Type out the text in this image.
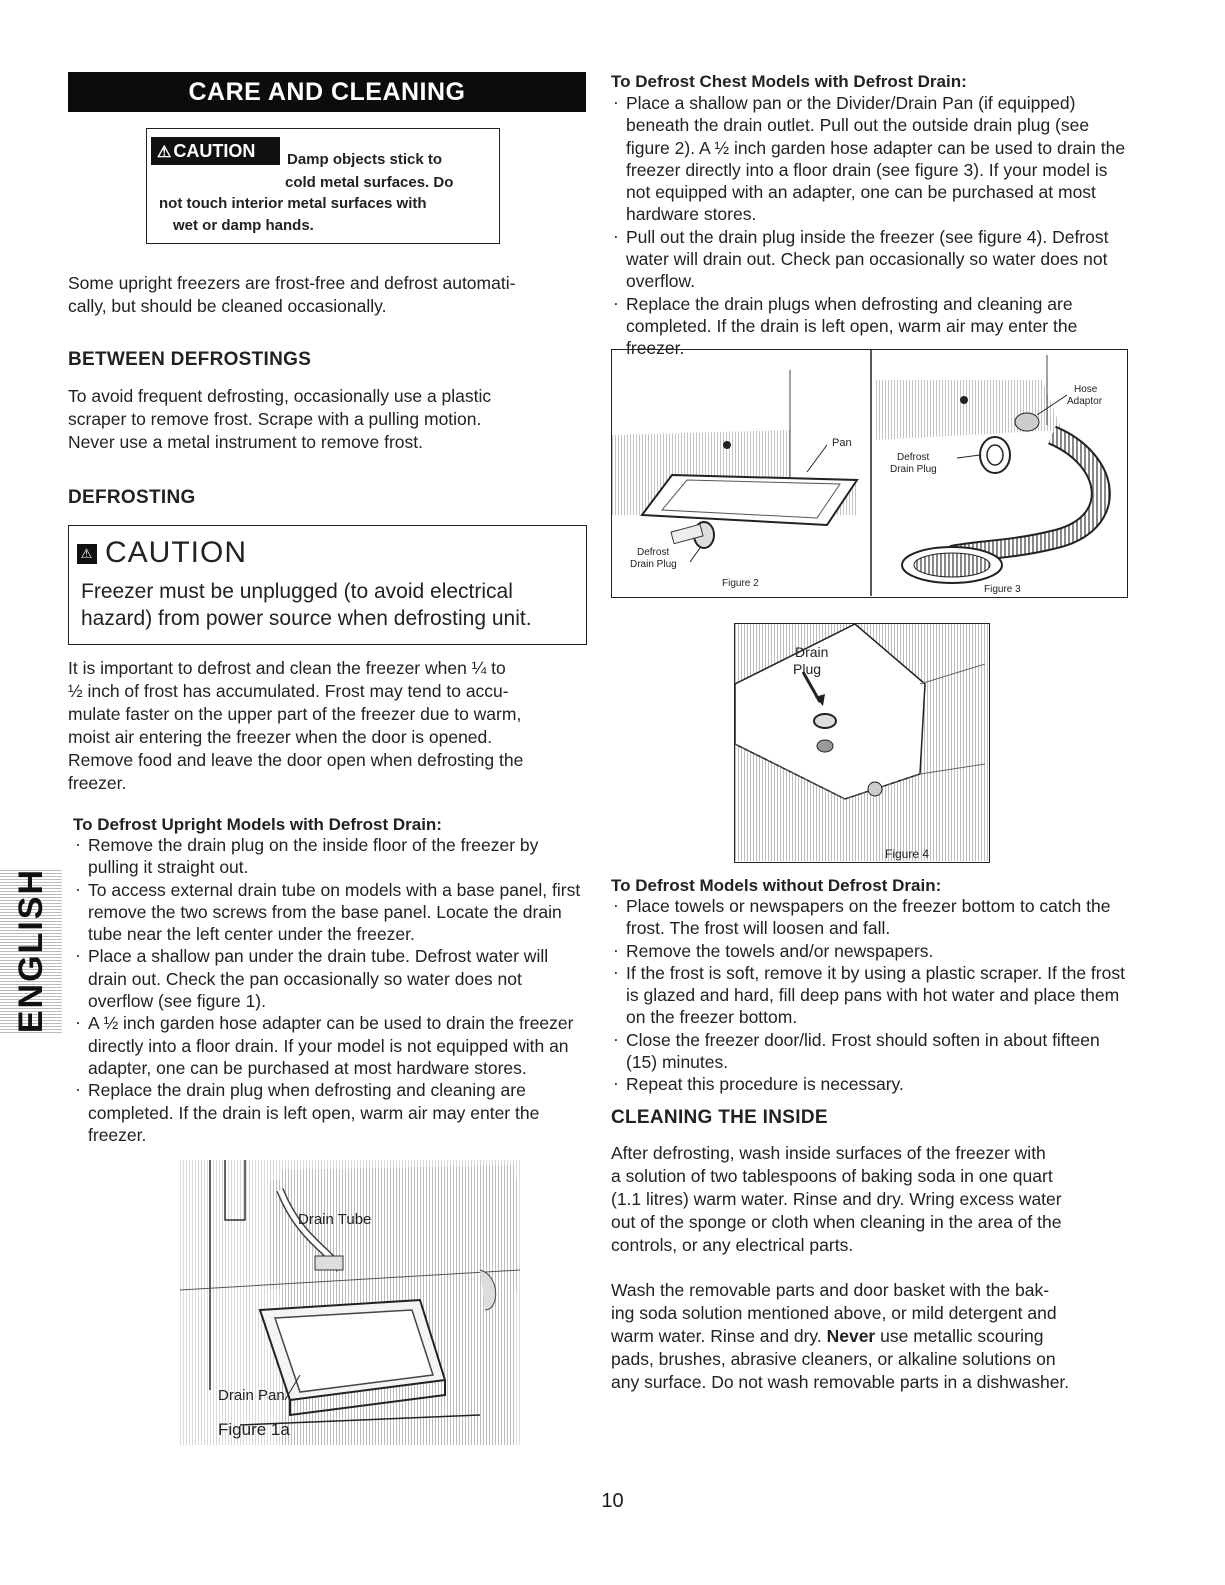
CARE AND CLEANING
⚠ CAUTION	Damp objects stick to
cold metal surfaces. Do
not touch interior metal surfaces with
wet or damp hands.
Some upright freezers are frost-free and defrost automati-
cally, but should be cleaned occasionally.
BETWEEN DEFROSTINGS
To avoid frequent defrosting, occasionally use a plastic
scraper to remove frost. Scrape with a pulling motion.
Never use a metal instrument to remove frost.
DEFROSTING
⚠ CAUTION
Freezer must be unplugged (to avoid electrical
hazard) from power source when defrosting unit.
It is important to defrost and clean the freezer when ¼ to
½ inch of frost has accumulated. Frost may tend to accu-
mulate faster on the upper part of the freezer due to warm,
moist air entering the freezer when the door is opened.
Remove food and leave the door open when defrosting the
freezer.
To Defrost Upright Models with Defrost Drain:
· Remove the drain plug on the inside floor of the freezer by pulling it straight out.
· To access external drain tube on models with a base panel, first remove the two screws from the base panel. Locate the drain tube near the left center under the freezer.
· Place a shallow pan under the drain tube. Defrost water will drain out. Check the pan occasionally so water does not overflow (see figure 1).
· A ½ inch garden hose adapter can be used to drain the freezer directly into a floor drain. If your model is not equipped with an adapter, one can be purchased at most hardware stores.
· Replace the drain plug when defrosting and cleaning are completed. If the drain is left open, warm air may enter the freezer.
ENGLISH
Drain Tube
Drain Pan
Figure 1a
To Defrost Chest Models with Defrost Drain:
· Place a shallow pan or the Divider/Drain Pan (if equipped) beneath the drain outlet. Pull out the outside drain plug (see figure 2). A ½ inch garden hose adapter can be used to drain the freezer directly into a floor drain (see figure 3). If your model is not equipped with an adapter, one can be purchased at most hardware stores.
· Pull out the drain plug inside the freezer (see figure 4). Defrost water will drain out. Check pan occasionally so water does not overflow.
· Replace the drain plugs when defrosting and cleaning are completed. If the drain is left open, warm air may enter the freezer.
Pan
Defrost
Drain Plug
Figure 2
Hose
Adaptor
Defrost
Drain Plug
Figure 3
Drain
Plug
Figure 4
To Defrost Models without Defrost Drain:
· Place towels or newspapers on the freezer bottom to catch the frost. The frost will loosen and fall.
· Remove the towels and/or newspapers.
· If the frost is soft, remove it by using a plastic scraper. If the frost is glazed and hard, fill deep pans with hot water and place them on the freezer bottom.
· Close the freezer door/lid. Frost should soften in about fifteen (15) minutes.
· Repeat this procedure is necessary.
CLEANING THE INSIDE
After defrosting, wash inside surfaces of the freezer with
a solution of two tablespoons of baking soda in one quart
(1.1 litres) warm water. Rinse and dry. Wring excess water
out of the sponge or cloth when cleaning in the area of the
controls, or any electrical parts.
Wash the removable parts and door basket with the bak-
ing soda solution mentioned above, or mild detergent and
warm water. Rinse and dry. Never use metallic scouring
pads, brushes, abrasive cleaners, or alkaline solutions on
any surface. Do not wash removable parts in a dishwasher.
10
